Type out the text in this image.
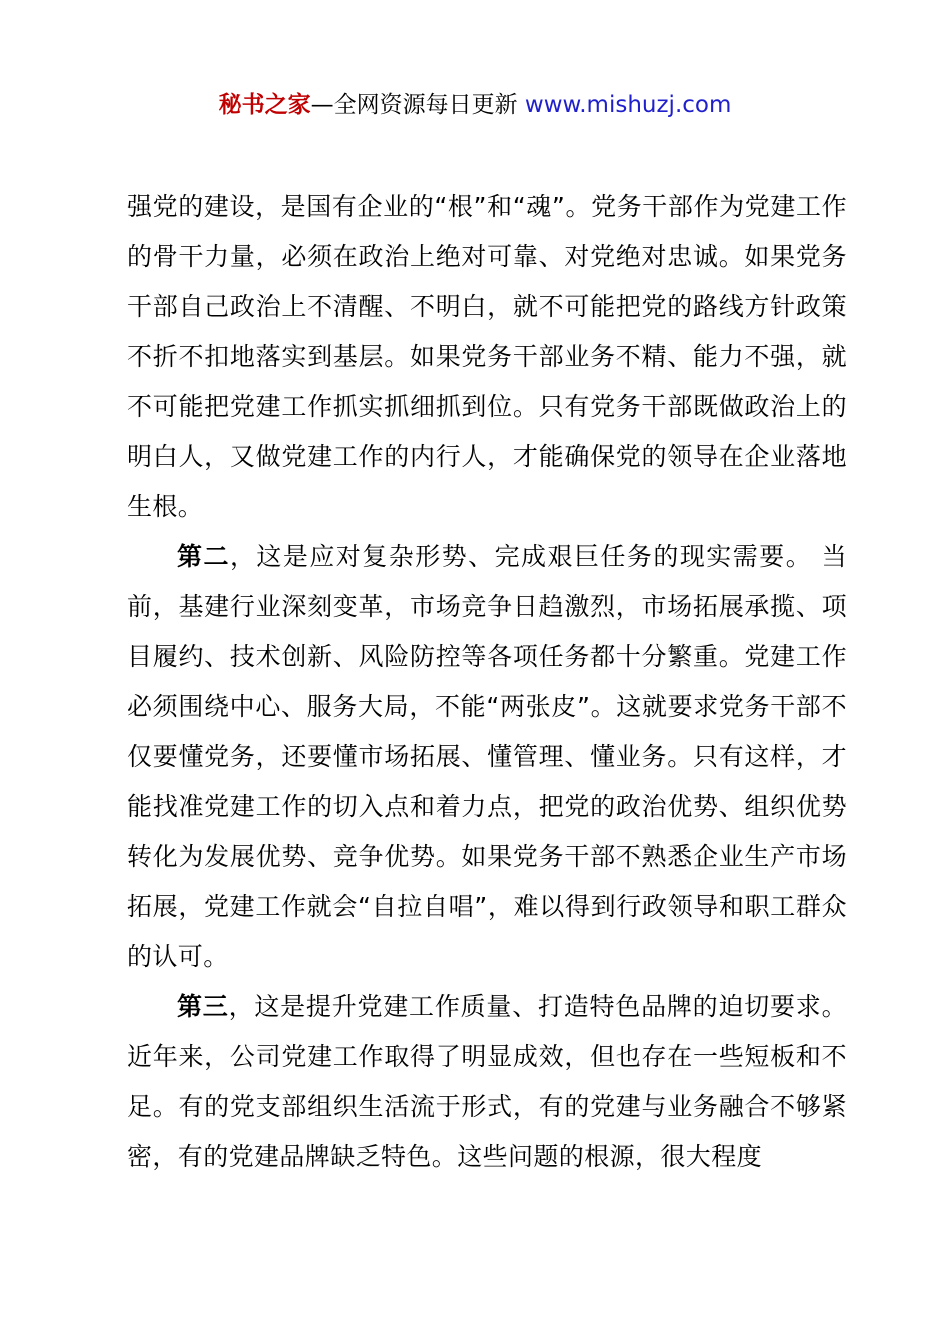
秘书之家—全网资源每日更新 www.mishuzj.com

强党的建设，是国有企业的“根”和“魂”。党务干部作为党建工作的骨干力量，必须在政治上绝对可靠、对党绝对忠诚。如果党务干部自己政治上不清醒、不明白，就不可能把党的路线方针政策不折不扣地落实到基层。如果党务干部业务不精、能力不强，就不可能把党建工作抓实抓细抓到位。只有党务干部既做政治上的明白人，又做党建工作的内行人，才能确保党的领导在企业落地生根。

第二，这是应对复杂形势、完成艰巨任务的现实需要。 当前，基建行业深刻变革，市场竞争日趋激烈，市场拓展承揽、项目履约、技术创新、风险防控等各项任务都十分繁重。党建工作必须围绕中心、服务大局，不能“两张皮”。这就要求党务干部不仅要懂党务，还要懂市场拓展、懂管理、懂业务。只有这样，才能找准党建工作的切入点和着力点，把党的政治优势、组织优势转化为发展优势、竞争优势。如果党务干部不熟悉企业生产市场拓展，党建工作就会“自拉自唱”，难以得到行政领导和职工群众的认可。

第三，这是提升党建工作质量、打造特色品牌的迫切要求。 近年来，公司党建工作取得了明显成效，但也存在一些短板和不足。有的党支部组织生活流于形式，有的党建与业务融合不够紧密，有的党建品牌缺乏特色。这些问题的根源，很大程度
